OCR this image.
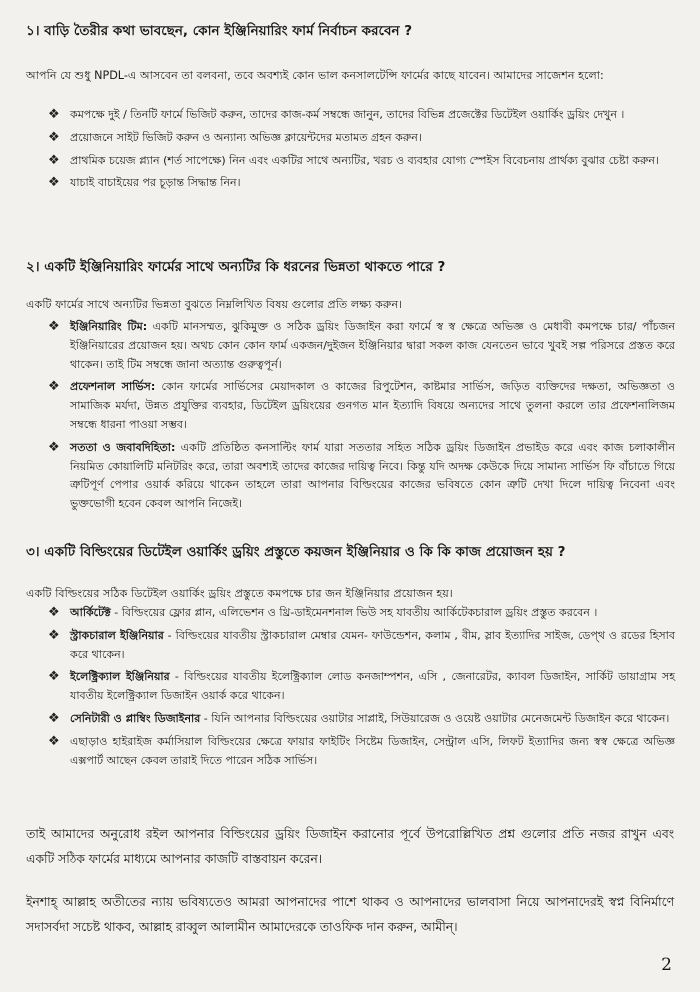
১। বাড়ি তৈরীর কথা ভাবছেন, কোন ইঞ্জিনিয়ারিং ফার্ম নির্বাচন করবেন ?
আপনি যে শুধু NPDL-এ আসবেন তা বলবনা, তবে অবশ্যই কোন ভাল কনসালটেন্সি ফার্মের কাছে যাবেন। আমাদের সাজেশন হলো:
❖ কমপক্ষে দুই / তিনটি ফার্মে ভিজিট করুন, তাদের কাজ-কর্ম সম্বন্ধে জানুন, তাদের বিভিন্ন প্রজেক্টের ডিটেইল ওয়ার্কিং ড্রয়িং দেখুন ।
❖ প্রয়োজনে সাইট ভিজিট করুন ও অন্যান্য অভিজ্ঞ ক্লায়েন্টদের মতামত গ্রহন করুন।
❖ প্রাথমিক চয়েজ প্ল্যান (শর্ত সাপেক্ষে) নিন এবং একটির সাথে অন্যটির, খরচ ও ব্যবহার যোগ্য স্পেইস বিবেচনায় প্রার্থক্য বুঝার চেষ্টা করুন।
❖ যাচাই বাচাইয়ের পর চূড়ান্ত সিদ্ধান্ত নিন।
২। একটি ইঞ্জিনিয়ারিং ফার্মের সাথে অন্যটির কি ধরনের ভিন্নতা থাকতে পারে ?
একটি ফার্মের সাথে অন্যটির ভিন্নতা বুঝতে নিম্নলিখিত বিষয় গুলোর প্রতি লক্ষ্য করুন।
❖ ইঞ্জিনিয়ারিং টিম: একটি মানসম্মত, ঝুকিমুক্ত ও সঠিক ড্রয়িং ডিজাইন করা ফার্মে স্ব স্ব ক্ষেত্রে অভিজ্ঞ ও মেধাবী কমপক্ষে চার/ পাঁচজন ইঞ্জিনিয়ারের প্রয়োজন হয়। অথচ কোন কোন ফার্ম একজন/দুইজন ইঞ্জিনিয়ার দ্বারা সকল কাজ যেনতেন ভাবে খুবই সল্প পরিসরে প্রস্তত করে থাকেন। তাই টিম সম্বন্ধে জানা অত্যান্ত গুরুত্বপূর্ন।
❖ প্রফেশনাল সার্ভিস: কোন ফার্মের সার্ভিসের মেয়াদকাল ও কাজের রিপুটেশন, কাষ্টমার সার্ভিস, জড়িত ব্যক্তিদের দক্ষতা, অভিজ্ঞতা ও সামাজিক মর্যদা, উন্নত প্রযুক্তির ব্যবহার, ডিটেইল ড্রয়িংয়ের গুনগত মান ইত্যাদি বিষয়ে অন্যদের সাথে তুলনা করলে তার প্রফেশনালিজম সম্বন্ধে ধারনা পাওয়া সম্ভব।
❖ সততা ও জবাবদিহিতা: একটি প্রতিষ্ঠিত কনসাল্টিং ফার্ম যারা সততার সহিত সঠিক ড্রয়িং ডিজাইন প্রভাইড করে এবং কাজ চলাকালীন নিয়মিত কোয়ালিটি মনিটরিং করে, তারা অবশ্যই তাদের কাজের দায়িত্ব নিবে। কিন্তু যদি অদক্ষ কেউকে দিয়ে সামান্য সার্ভিস ফি বাঁচাতে গিয়ে ত্রুটিপূর্ণ পেপার ওয়ার্ক করিয়ে থাকেন তাহলে তারা আপনার বিল্ডিংয়ের কাজের ভবিষতে কোন ত্রুটি দেখা দিলে দায়িত্ব নিবেনা এবং ভুক্তভোগী হবেন কেবল আপনি নিজেই।
৩। একটি বিল্ডিংয়ের ডিটেইল ওয়ার্কিং ড্রয়িং প্রস্তুতে কয়জন ইঞ্জিনিয়ার ও কি কি কাজ প্রয়োজন হয় ?
একটি বিল্ডিংয়ের সঠিক ডিটেইল ওয়ার্কিং ড্রয়িং প্রস্তুতে কমপক্ষে চার জন ইঞ্জিনিয়ার প্রয়োজন হয়।
❖ আর্কিটেক্ট - বিল্ডিংয়ের ফ্লোর প্লান, এলিভেশন ও থ্রি-ডাইমেনশনাল ভিউ সহ যাবতীয় আর্কিটেকচারাল ড্রয়িং প্রস্তুত করবেন ।
❖ স্ট্রাকচারাল ইঞ্জিনিয়ার - বিল্ডিংয়ের যাবতীয় স্ট্রাকচারাল মেম্বার যেমন- ফাউন্ডেশন, কলাম , বীম, স্লাব ইত্যাদির সাইজ, ডেপ্থ ও রডের হিসাব করে থাকেন।
❖ ইলেক্ট্রিক্যাল ইঞ্জিনিয়ার - বিল্ডিংয়ের যাবতীয় ইলেক্ট্রিক্যাল লোড কনজাম্পশন, এসি , জেনারেটর, ক্যাবল ডিজাইন, সার্কিট ডায়াগ্রাম সহ যাবতীয় ইলেক্ট্রিক্যাল ডিজাইন ওয়ার্ক করে থাকেন।
❖ সেনিটারী ও প্লাম্বিং ডিজাইনার - যিনি আপনার বিল্ডিংয়ের ওয়াটার সাপ্লাই, সিউয়ারেজ ও ওয়েষ্ট ওয়াটার মেনেজমেন্ট ডিজাইন করে থাকেন।
❖ এছাড়াও হাইরাইজ কর্মাসিয়াল বিল্ডিংয়ের ক্ষেত্রে ফায়ার ফাইটিং সিষ্টেম ডিজাইন, সেন্ট্রাল এসি, লিফট ইত্যাদির জন্য স্বস্ব ক্ষেত্রে অভিজ্ঞ এক্সপার্ট আছেন কেবল তারাই দিতে পারেন সঠিক সার্ভিস।
তাই আমাদের অনুরোধ রইল আপনার বিল্ডিংয়ের ড্রয়িং ডিজাইন করানোর পূর্বে উপরোল্লিখিত প্রশ্ন গুলোর প্রতি নজর রাখুন এবং একটি সঠিক ফার্মের মাধ্যমে আপনার কাজটি বাস্তবায়ন করেন।
ইনশাহ্ আল্লাহ অতীতের ন্যায় ভবিষ্যতেও আমরা আপনাদের পাশে থাকব ও আপনাদের ভালবাসা নিয়ে আপনাদেরই স্বপ্ন বিনির্মাণে সদাসর্বদা সচেষ্ট থাকব, আল্লাহ রাব্বুল আলামীন আমাদেরকে তাওফিক দান করুন, আমীন্।
2
